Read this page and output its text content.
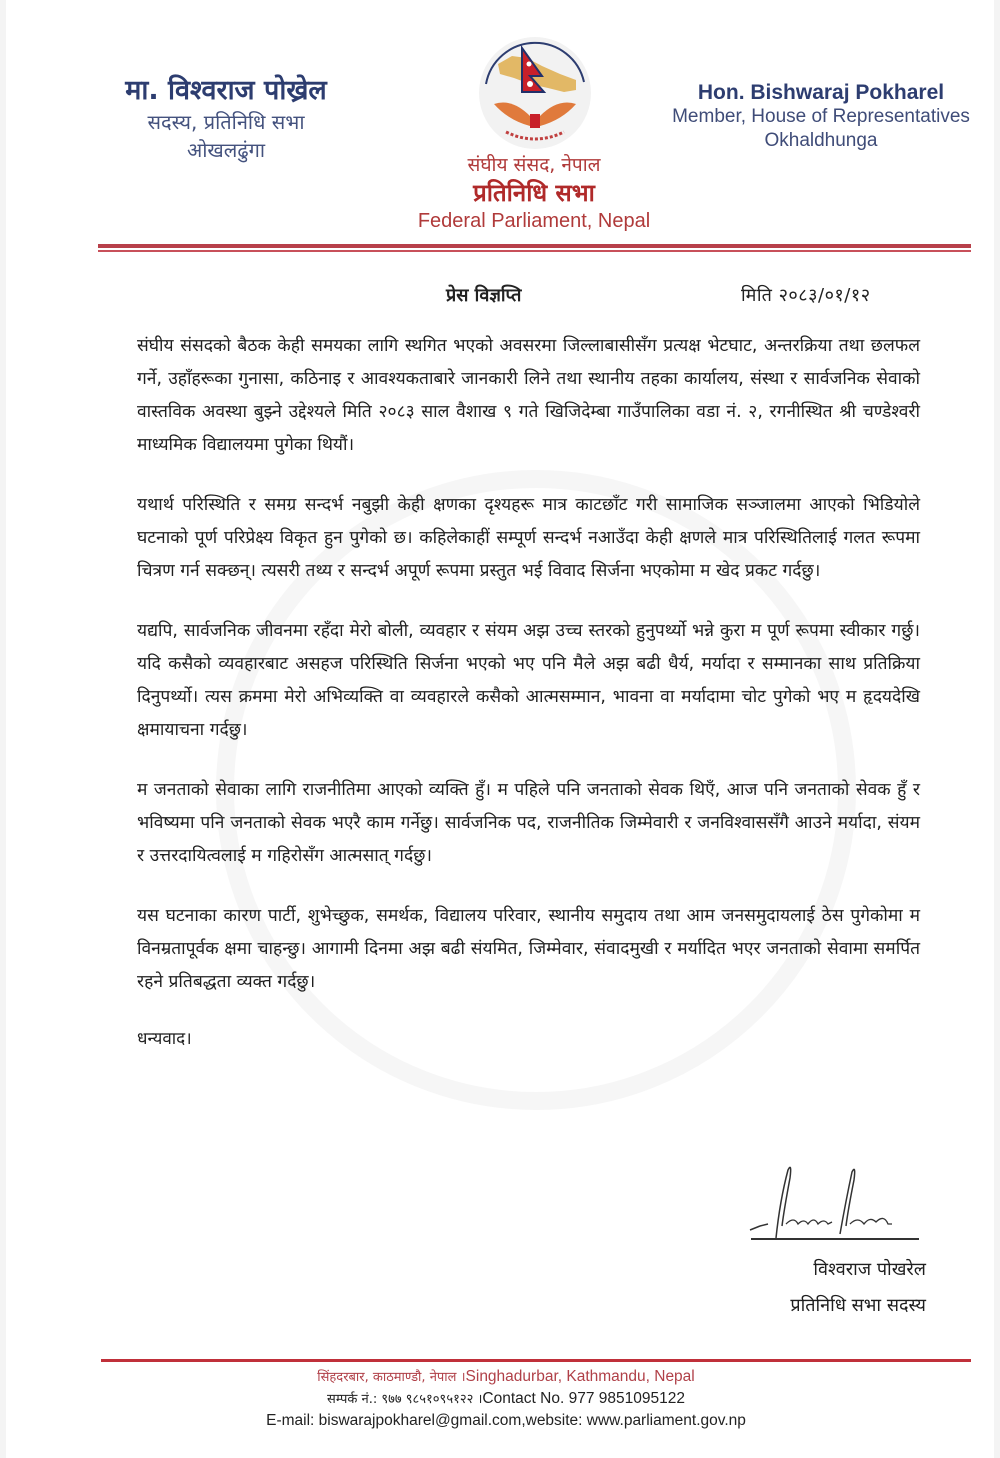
मा. विश्वराज पोख्रेल
सदस्य, प्रतिनिधि सभा
ओखलढुंगा
संघीय संसद, नेपाल
प्रतिनिधि सभा
Federal Parliament, Nepal
Hon. Bishwaraj Pokharel
Member, House of Representatives
Okhaldhunga
प्रेस विज्ञप्ति	मिति २०८३/०१/१२

संघीय संसदको बैठक केही समयका लागि स्थगित भएको अवसरमा जिल्लाबासीसँग प्रत्यक्ष भेटघाट, अन्तरक्रिया तथा छलफल गर्ने, उहाँहरूका गुनासा, कठिनाइ र आवश्यकताबारे जानकारी लिने तथा स्थानीय तहका कार्यालय, संस्था र सार्वजनिक सेवाको वास्तविक अवस्था बुझ्ने उद्देश्यले मिति २०८३ साल वैशाख ९ गते खिजिदेम्बा गाउँपालिका वडा नं. २, रगनीस्थित श्री चण्डेश्वरी माध्यमिक विद्यालयमा पुगेका थियौं।

यथार्थ परिस्थिति र समग्र सन्दर्भ नबुझी केही क्षणका दृश्यहरू मात्र काटछाँट गरी सामाजिक सञ्जालमा आएको भिडियोले घटनाको पूर्ण परिप्रेक्ष्य विकृत हुन पुगेको छ। कहिलेकाहीं सम्पूर्ण सन्दर्भ नआउँदा केही क्षणले मात्र परिस्थितिलाई गलत रूपमा चित्रण गर्न सक्छन्। त्यसरी तथ्य र सन्दर्भ अपूर्ण रूपमा प्रस्तुत भई विवाद सिर्जना भएकोमा म खेद प्रकट गर्दछु।

यद्यपि, सार्वजनिक जीवनमा रहँदा मेरो बोली, व्यवहार र संयम अझ उच्च स्तरको हुनुपर्थ्यो भन्ने कुरा म पूर्ण रूपमा स्वीकार गर्छु। यदि कसैको व्यवहारबाट असहज परिस्थिति सिर्जना भएको भए पनि मैले अझ बढी धैर्य, मर्यादा र सम्मानका साथ प्रतिक्रिया दिनुपर्थ्यो। त्यस क्रममा मेरो अभिव्यक्ति वा व्यवहारले कसैको आत्मसम्मान, भावना वा मर्यादामा चोट पुगेको भए म हृदयदेखि क्षमायाचना गर्दछु।

म जनताको सेवाका लागि राजनीतिमा आएको व्यक्ति हुँ। म पहिले पनि जनताको सेवक थिएँ, आज पनि जनताको सेवक हुँ र भविष्यमा पनि जनताको सेवक भएरै काम गर्नेछु। सार्वजनिक पद, राजनीतिक जिम्मेवारी र जनविश्वाससँगै आउने मर्यादा, संयम र उत्तरदायित्वलाई म गहिरोसँग आत्मसात् गर्दछु।

यस घटनाका कारण पार्टी, शुभेच्छुक, समर्थक, विद्यालय परिवार, स्थानीय समुदाय तथा आम जनसमुदायलाई ठेस पुगेकोमा म विनम्रतापूर्वक क्षमा चाहन्छु। आगामी दिनमा अझ बढी संयमित, जिम्मेवार, संवादमुखी र मर्यादित भएर जनताको सेवामा समर्पित रहने प्रतिबद्धता व्यक्त गर्दछु।

धन्यवाद।
विश्वराज पोखरेल
प्रतिनिधि सभा सदस्य
सिंहदरबार, काठमाण्डौ, नेपाल ।Singhadurbar, Kathmandu, Nepal
सम्पर्क नं.: ९७७ ९८५१०९५१२२ ।Contact No. 977 9851095122
E-mail: biswarajpokharel@gmail.com,website: www.parliament.gov.np
